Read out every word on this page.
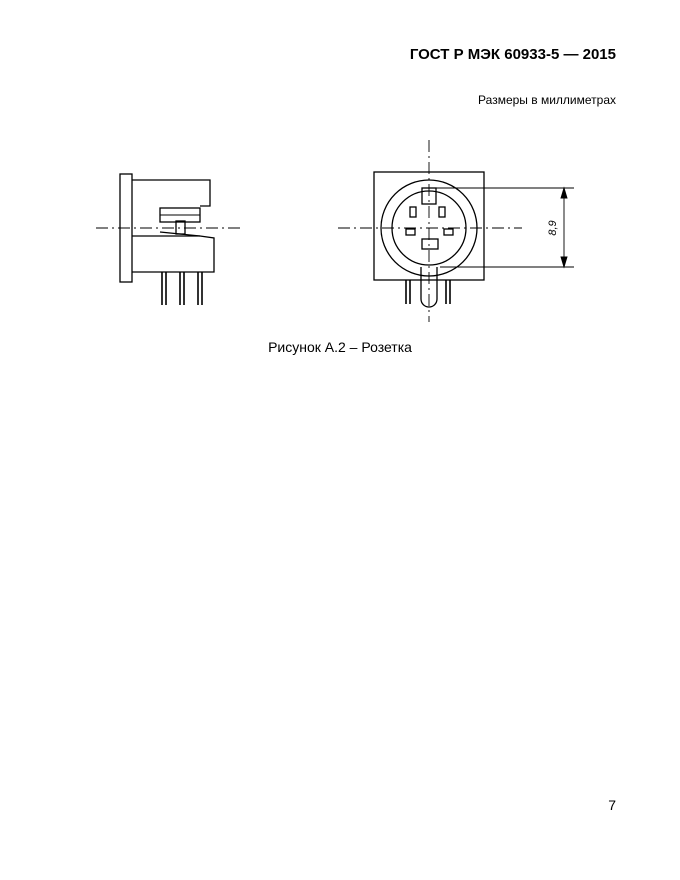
ГОСТ Р МЭК 60933-5 — 2015
Размеры в миллиметрах
8,9
Рисунок А.2 – Розетка
7
